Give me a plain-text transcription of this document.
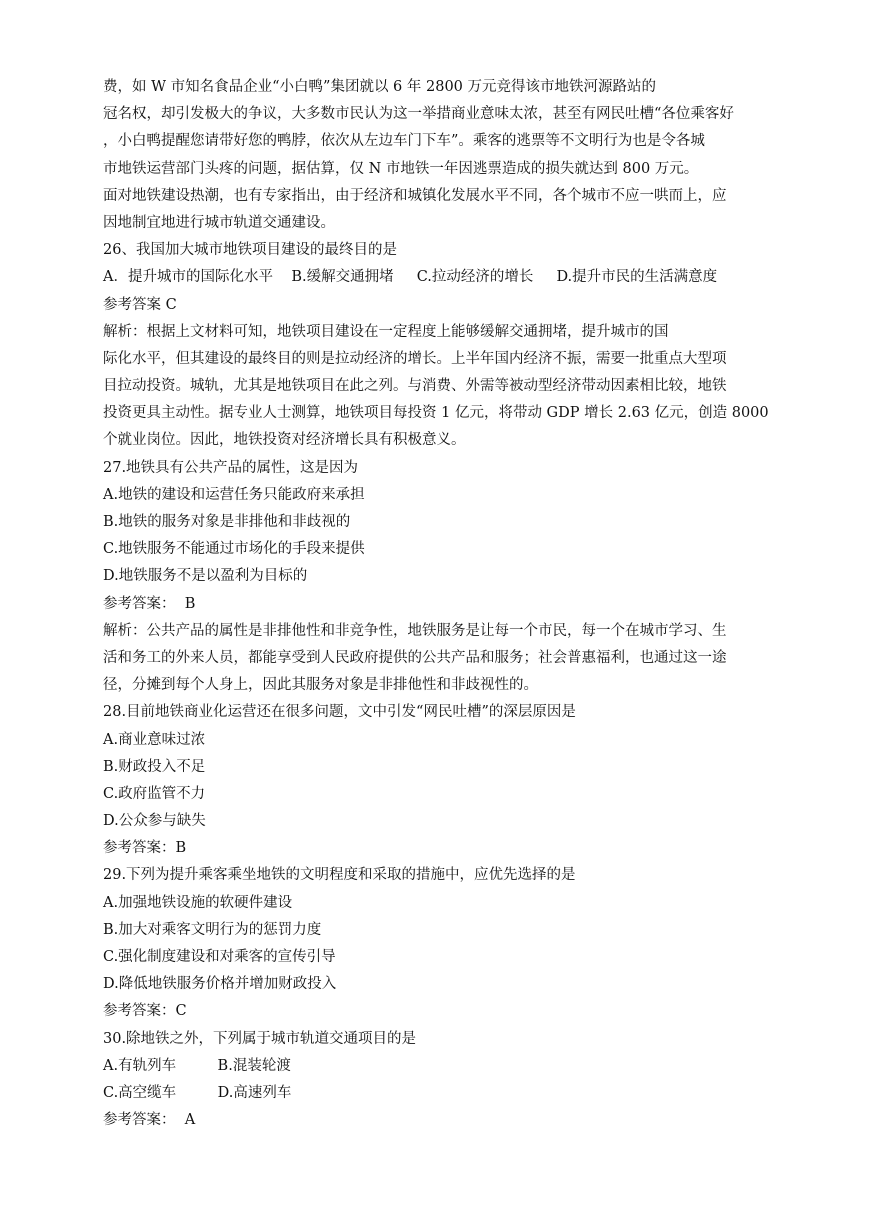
费，如 W 市知名食品企业“小白鸭”集团就以 6 年 2800 万元竞得该市地铁河源路站的
冠名权，却引发极大的争议，大多数市民认为这一举措商业意味太浓，甚至有网民吐槽“各位乘客好
，小白鸭提醒您请带好您的鸭脖，依次从左边车门下车”。乘客的逃票等不文明行为也是令各城
市地铁运营部门头疼的问题，据估算，仅 N 市地铁一年因逃票造成的损失就达到 800 万元。
面对地铁建设热潮，也有专家指出，由于经济和城镇化发展水平不同，各个城市不应一哄而上，应
因地制宜地进行城市轨道交通建设。
26、我国加大城市地铁项目建设的最终目的是
A．提升城市的国际化水平    B.缓解交通拥堵     C.拉动经济的增长     D.提升市民的生活满意度
参考答案 C
解析：根据上文材料可知，地铁项目建设在一定程度上能够缓解交通拥堵，提升城市的国
际化水平，但其建设的最终目的则是拉动经济的增长。上半年国内经济不振，需要一批重点大型项
目拉动投资。城轨，尤其是地铁项目在此之列。与消费、外需等被动型经济带动因素相比较，地铁
投资更具主动性。据专业人士测算，地铁项目每投资 1 亿元，将带动 GDP 增长 2.63 亿元，创造 8000
个就业岗位。因此，地铁投资对经济增长具有积极意义。
27.地铁具有公共产品的属性，这是因为
A.地铁的建设和运营任务只能政府来承担
B.地铁的服务对象是非排他和非歧视的
C.地铁服务不能通过市场化的手段来提供
D.地铁服务不是以盈利为目标的
参考答案：  B
解析：公共产品的属性是非排他性和非竞争性，地铁服务是让每一个市民，每一个在城市学习、生
活和务工的外来人员，都能享受到人民政府提供的公共产品和服务；社会普惠福利，也通过这一途
径，分摊到每个人身上，因此其服务对象是非排他性和非歧视性的。
28.目前地铁商业化运营还在很多问题，文中引发“网民吐槽”的深层原因是
A.商业意味过浓
B.财政投入不足
C.政府监管不力
D.公众参与缺失
参考答案：B
29.下列为提升乘客乘坐地铁的文明程度和采取的措施中，应优先选择的是
A.加强地铁设施的软硬件建设
B.加大对乘客文明行为的惩罚力度
C.强化制度建设和对乘客的宣传引导
D.降低地铁服务价格并增加财政投入
参考答案：C
30.除地铁之外，下列属于城市轨道交通项目的是
A.有轨列车         B.混装轮渡
C.高空缆车         D.高速列车
参考答案：  A
